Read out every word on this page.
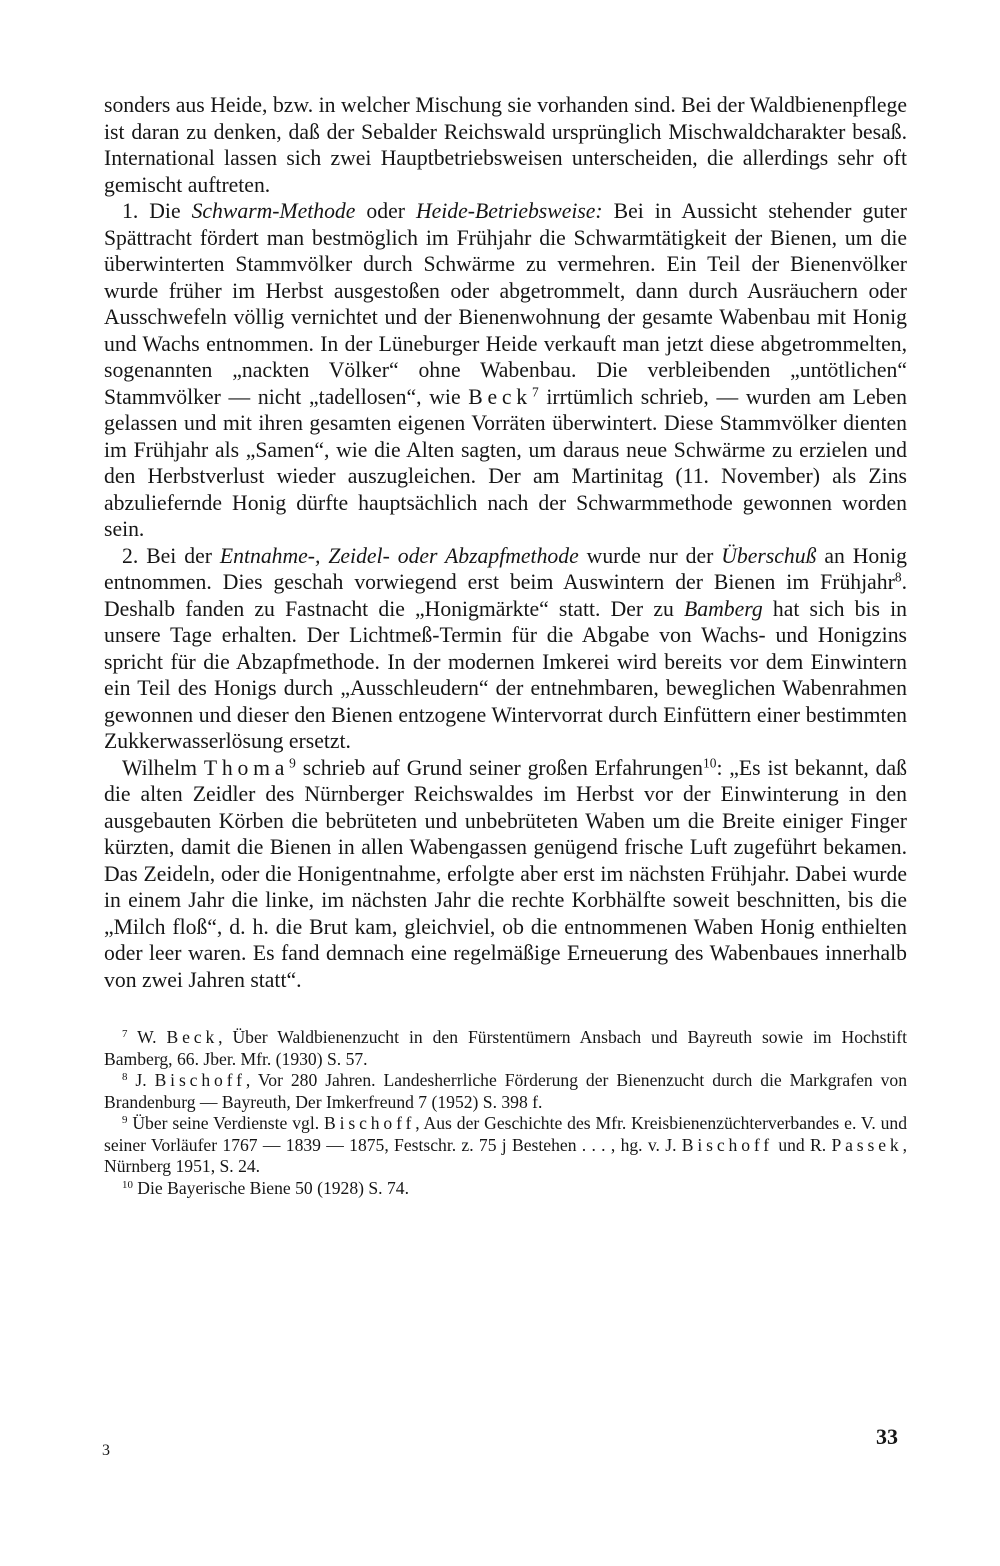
sonders aus Heide, bzw. in welcher Mischung sie vorhanden sind. Bei der Waldbienenpflege ist daran zu denken, daß der Sebalder Reichswald ursprünglich Mischwaldcharakter besaß. International lassen sich zwei Hauptbetriebsweisen unterscheiden, die allerdings sehr oft gemischt auftreten.

1. Die Schwarm-Methode oder Heide-Betriebsweise: Bei in Aussicht stehender guter Spättracht fördert man bestmöglich im Frühjahr die Schwarmtätigkeit der Bienen, um die überwinterten Stammvölker durch Schwärme zu vermehren. Ein Teil der Bienenvölker wurde früher im Herbst ausgestoßen oder abgetrommelt, dann durch Ausräuchern oder Ausschwefeln völlig vernichtet und der Bienenwohnung der gesamte Wabenbau mit Honig und Wachs entnommen. In der Lüneburger Heide verkauft man jetzt diese abgetrommelten, sogenannten „nackten Völker“ ohne Wabenbau. Die verbleibenden „untötlichen“ Stammvölker — nicht „tadellosen“, wie Beck$^7$ irrtümlich schrieb, — wurden am Leben gelassen und mit ihren gesamten eigenen Vorräten überwintert. Diese Stammvölker dienten im Frühjahr als „Samen“, wie die Alten sagten, um daraus neue Schwärme zu erzielen und den Herbstverlust wieder auszugleichen. Der am Martinitag (11. November) als Zins abzuliefernde Honig dürfte hauptsächlich nach der Schwarmmethode gewonnen worden sein.

2. Bei der Entnahme-, Zeidel- oder Abzapfmethode wurde nur der Überschuß an Honig entnommen. Dies geschah vorwiegend erst beim Auswintern der Bienen im Frühjahr$^8$. Deshalb fanden zu Fastnacht die „Honigmärkte“ statt. Der zu Bamberg hat sich bis in unsere Tage erhalten. Der Lichtmeß-Termin für die Abgabe von Wachs- und Honigzins spricht für die Abzapfmethode. In der modernen Imkerei wird bereits vor dem Einwintern ein Teil des Honigs durch „Ausschleudern“ der entnehmbaren, beweglichen Wabenrahmen gewonnen und dieser den Bienen entzogene Wintervorrat durch Einfüttern einer bestimmten Zukkerwasserlösung ersetzt.

Wilhelm Thoma$^9$ schrieb auf Grund seiner großen Erfahrungen$^{10}$: „Es ist bekannt, daß die alten Zeidler des Nürnberger Reichswaldes im Herbst vor der Einwinterung in den ausgebauten Körben die bebrüteten und unbebrüteten Waben um die Breite einiger Finger kürzten, damit die Bienen in allen Wabengassen genügend frische Luft zugeführt bekamen. Das Zeideln, oder die Honigentnahme, erfolgte aber erst im nächsten Frühjahr. Dabei wurde in einem Jahr die linke, im nächsten Jahr die rechte Korbhälfte soweit beschnitten, bis die „Milch floß“, d. h. die Brut kam, gleichviel, ob die entnommenen Waben Honig enthielten oder leer waren. Es fand demnach eine regelmäßige Erneuerung des Wabenbaues innerhalb von zwei Jahren statt“.

$^7$ W. Beck, Über Waldbienenzucht in den Fürstentümern Ansbach und Bayreuth sowie im Hochstift Bamberg, 66. Jber. Mfr. (1930) S. 57.

$^8$ J. Bischoff, Vor 280 Jahren. Landesherrliche Förderung der Bienenzucht durch die Markgrafen von Brandenburg — Bayreuth, Der Imkerfreund 7 (1952) S. 398 f.

$^9$ Über seine Verdienste vgl. Bischoff, Aus der Geschichte des Mfr. Kreisbienenzüchterverbandes e. V. und seiner Vorläufer 1767 — 1839 — 1875, Festschr. z. 75 j Bestehen . . . , hg. v. J. Bischoff und R. Passek, Nürnberg 1951, S. 24.

$^{10}$ Die Bayerische Biene 50 (1928) S. 74.

3
33
